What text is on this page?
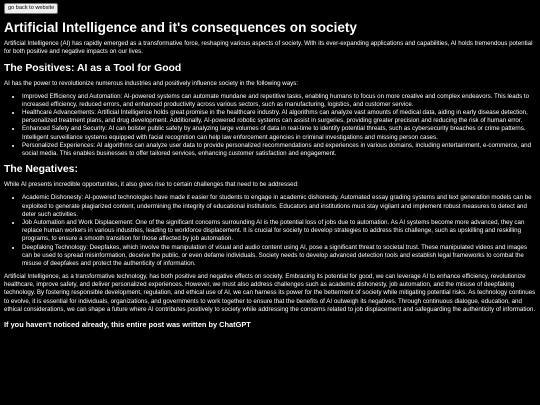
go back to website
Artificial Intelligence and it's consequences on society

Artificial Intelligence (AI) has rapidly emerged as a transformative force, reshaping various aspects of society. With its ever-expanding applications and capabilities, AI holds tremendous potential for both positive and negative impacts on our lives.

The Positives: AI as a Tool for Good

AI has the power to revolutionize numerous industries and positively influence society in the following ways:

• Improved Efficiency and Automation: AI-powered systems can automate mundane and repetitive tasks, enabling humans to focus on more creative and complex endeavors. This leads to increased efficiency, reduced errors, and enhanced productivity across various sectors, such as manufacturing, logistics, and customer service.
• Healthcare Advancements: Artificial Intelligence holds great promise in the healthcare industry. AI algorithms can analyze vast amounts of medical data, aiding in early disease detection, personalized treatment plans, and drug development. Additionally, AI-powered robotic systems can assist in surgeries, providing greater precision and reducing the risk of human error.
• Enhanced Safety and Security: AI can bolster public safety by analyzing large volumes of data in real-time to identify potential threats, such as cybersecurity breaches or crime patterns. Intelligent surveillance systems equipped with facial recognition can help law enforcement agencies in criminal investigations and missing person cases.
• Personalized Experiences: AI algorithms can analyze user data to provide personalized recommendations and experiences in various domains, including entertainment, e-commerce, and social media. This enables businesses to offer tailored services, enhancing customer satisfaction and engagement.
The Negatives:

While AI presents incredible opportunities, it also gives rise to certain challenges that need to be addressed:

• Academic Dishonesty: AI-powered technologies have made it easier for students to engage in academic dishonesty. Automated essay grading systems and text generation models can be exploited to generate plagiarized content, undermining the integrity of educational institutions. Educators and institutions must stay vigilant and implement robust measures to detect and deter such activities.
• Job Automation and Work Displacement: One of the significant concerns surrounding AI is the potential loss of jobs due to automation. As AI systems become more advanced, they can replace human workers in various industries, leading to workforce displacement. It is crucial for society to develop strategies to address this challenge, such as upskilling and reskilling programs, to ensure a smooth transition for those affected by job automation.
• Deepfaking Technology: Deepfakes, which involve the manipulation of visual and audio content using AI, pose a significant threat to societal trust. These manipulated videos and images can be used to spread misinformation, deceive the public, or even defame individuals. Society needs to develop advanced detection tools and establish legal frameworks to combat the misuse of deepfakes and protect the authenticity of information.

Artificial Intelligence, as a transformative technology, has both positive and negative effects on society. Embracing its potential for good, we can leverage AI to enhance efficiency, revolutionize healthcare, improve safety, and deliver personalized experiences. However, we must also address challenges such as academic dishonesty, job automation, and the misuse of deepfaking technology. By fostering responsible development, regulation, and ethical use of AI, we can harness its power for the betterment of society while mitigating potential risks. As technology continues to evolve, it is essential for individuals, organizations, and governments to work together to ensure that the benefits of AI outweigh its negatives. Through continuous dialogue, education, and ethical considerations, we can shape a future where AI contributes positively to society while addressing the concerns related to job displacement and safeguarding the authenticity of information.

If you haven't noticed already, this entire post was written by ChatGPT
